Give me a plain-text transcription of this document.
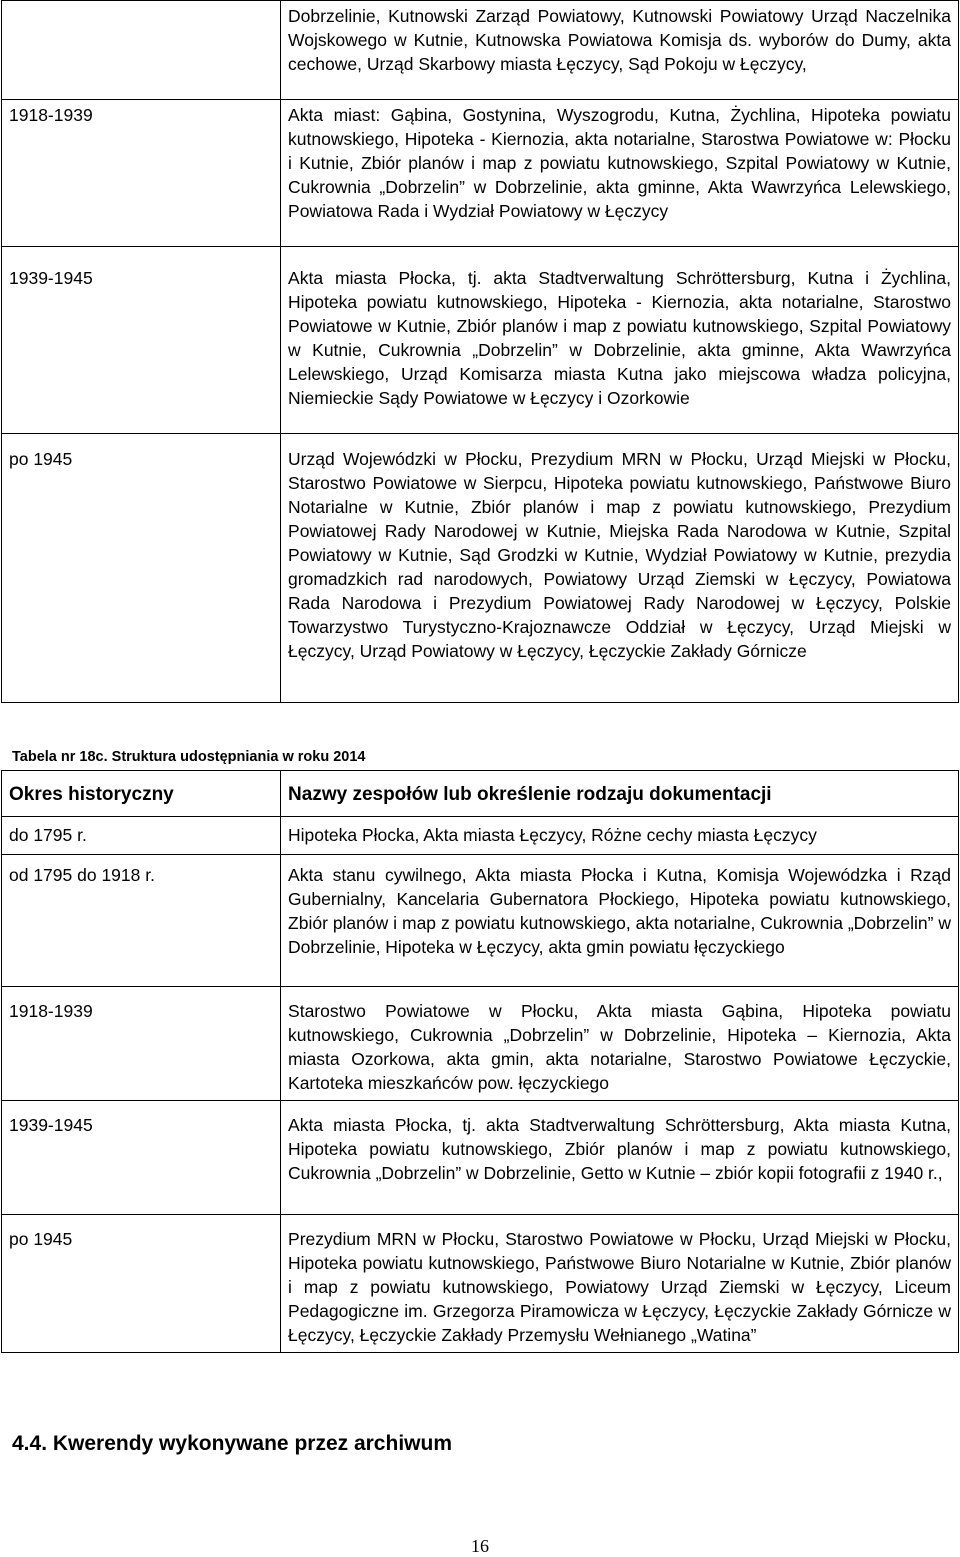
	Dobrzelinie, Kutnowski Zarząd Powiatowy, Kutnowski Powiatowy Urząd Naczelnika Wojskowego w Kutnie, Kutnowska Powiatowa Komisja ds. wyborów do Dumy, akta cechowe, Urząd Skarbowy miasta Łęczycy, Sąd Pokoju w Łęczycy,
1918-1939	Akta miast: Gąbina, Gostynina, Wyszogrodu, Kutna, Żychlina, Hipoteka powiatu kutnowskiego, Hipoteka - Kiernozia, akta notarialne, Starostwa Powiatowe w: Płocku i Kutnie, Zbiór planów i map z powiatu kutnowskiego, Szpital Powiatowy w Kutnie, Cukrownia „Dobrzelin” w Dobrzelinie, akta gminne, Akta Wawrzyńca Lelewskiego, Powiatowa Rada i Wydział Powiatowy w Łęczycy
1939-1945	Akta miasta Płocka, tj. akta Stadtverwaltung Schröttersburg, Kutna i Żychlina, Hipoteka powiatu kutnowskiego, Hipoteka - Kiernozia, akta notarialne, Starostwo Powiatowe w Kutnie, Zbiór planów i map z powiatu kutnowskiego, Szpital Powiatowy w Kutnie, Cukrownia „Dobrzelin” w Dobrzelinie, akta gminne, Akta Wawrzyńca Lelewskiego, Urząd Komisarza miasta Kutna jako miejscowa władza policyjna, Niemieckie Sądy Powiatowe w Łęczycy i Ozorkowie
po 1945	Urząd Wojewódzki w Płocku, Prezydium MRN w Płocku, Urząd Miejski w Płocku, Starostwo Powiatowe w Sierpcu, Hipoteka powiatu kutnowskiego, Państwowe Biuro Notarialne w Kutnie, Zbiór planów i map z powiatu kutnowskiego, Prezydium Powiatowej Rady Narodowej w Kutnie, Miejska Rada Narodowa w Kutnie, Szpital Powiatowy w Kutnie, Sąd Grodzki w Kutnie, Wydział Powiatowy w Kutnie, prezydia gromadzkich rad narodowych, Powiatowy Urząd Ziemski w Łęczycy, Powiatowa Rada Narodowa i Prezydium Powiatowej Rady Narodowej w Łęczycy, Polskie Towarzystwo Turystyczno-Krajoznawcze Oddział w Łęczycy, Urząd Miejski w Łęczycy, Urząd Powiatowy w Łęczycy, Łęczyckie Zakłady Górnicze
Tabela nr 18c. Struktura udostępniania w roku 2014
Okres historyczny	Nazwy zespołów lub określenie rodzaju dokumentacji
do 1795 r.	Hipoteka Płocka, Akta miasta Łęczycy, Różne cechy miasta Łęczycy
od 1795 do 1918 r.	Akta stanu cywilnego, Akta miasta Płocka i Kutna, Komisja Wojewódzka i Rząd Gubernialny, Kancelaria Gubernatora Płockiego, Hipoteka powiatu kutnowskiego, Zbiór planów i map z powiatu kutnowskiego, akta notarialne, Cukrownia „Dobrzelin” w Dobrzelinie, Hipoteka w Łęczycy, akta gmin powiatu łęczyckiego
1918-1939	Starostwo Powiatowe w Płocku, Akta miasta Gąbina, Hipoteka powiatu kutnowskiego, Cukrownia „Dobrzelin” w Dobrzelinie, Hipoteka – Kiernozia, Akta miasta Ozorkowa, akta gmin, akta notarialne, Starostwo Powiatowe Łęczyckie, Kartoteka mieszkańców pow. łęczyckiego
1939-1945	Akta miasta Płocka, tj. akta Stadtverwaltung Schröttersburg, Akta miasta Kutna, Hipoteka powiatu kutnowskiego, Zbiór planów i map z powiatu kutnowskiego, Cukrownia „Dobrzelin” w Dobrzelinie, Getto w Kutnie – zbiór kopii fotografii z 1940 r.,
po 1945	Prezydium MRN w Płocku, Starostwo Powiatowe w Płocku, Urząd Miejski w Płocku, Hipoteka powiatu kutnowskiego, Państwowe Biuro Notarialne w Kutnie, Zbiór planów i map z powiatu kutnowskiego, Powiatowy Urząd Ziemski w Łęczycy, Liceum Pedagogiczne im. Grzegorza Piramowicza w Łęczycy, Łęczyckie Zakłady Górnicze w Łęczycy, Łęczyckie Zakłady Przemysłu Wełnianego „Watina”
4.4. Kwerendy wykonywane przez archiwum
16
